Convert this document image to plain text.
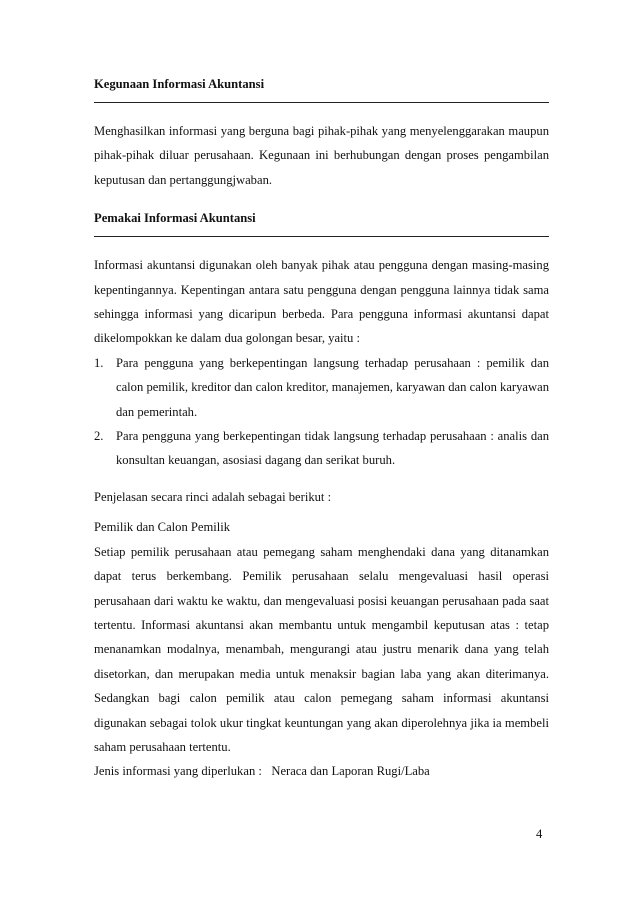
Kegunaan Informasi Akuntansi

Menghasilkan informasi yang berguna bagi pihak-pihak yang menyelenggarakan maupun pihak-pihak diluar perusahaan. Kegunaan ini berhubungan dengan proses pengambilan keputusan dan pertanggungjwaban.

Pemakai Informasi Akuntansi

Informasi akuntansi digunakan oleh banyak pihak atau pengguna dengan masing-masing kepentingannya. Kepentingan antara satu pengguna dengan pengguna lainnya tidak sama sehingga informasi yang dicaripun berbeda. Para pengguna informasi akuntansi dapat dikelompokkan ke dalam dua golongan besar, yaitu :

1. Para pengguna yang berkepentingan langsung terhadap perusahaan : pemilik dan calon pemilik, kreditor dan calon kreditor, manajemen, karyawan dan calon karyawan dan pemerintah.
2. Para pengguna yang berkepentingan tidak langsung terhadap perusahaan : analis dan konsultan keuangan, asosiasi dagang dan serikat buruh.

Penjelasan secara rinci adalah sebagai berikut :

Pemilik dan Calon Pemilik

Setiap pemilik perusahaan atau pemegang saham menghendaki dana yang ditanamkan dapat terus berkembang. Pemilik perusahaan selalu mengevaluasi hasil operasi perusahaan dari waktu ke waktu, dan mengevaluasi posisi keuangan perusahaan pada saat tertentu. Informasi akuntansi akan membantu untuk mengambil keputusan atas : tetap menanamkan modalnya, menambah, mengurangi atau justru menarik dana yang telah disetorkan, dan merupakan media untuk menaksir bagian laba yang akan diterimanya. Sedangkan bagi calon pemilik atau calon pemegang saham informasi akuntansi digunakan sebagai tolok ukur tingkat keuntungan yang akan diperolehnya jika ia membeli saham perusahaan tertentu.

Jenis informasi yang diperlukan : Neraca dan Laporan Rugi/Laba

4
